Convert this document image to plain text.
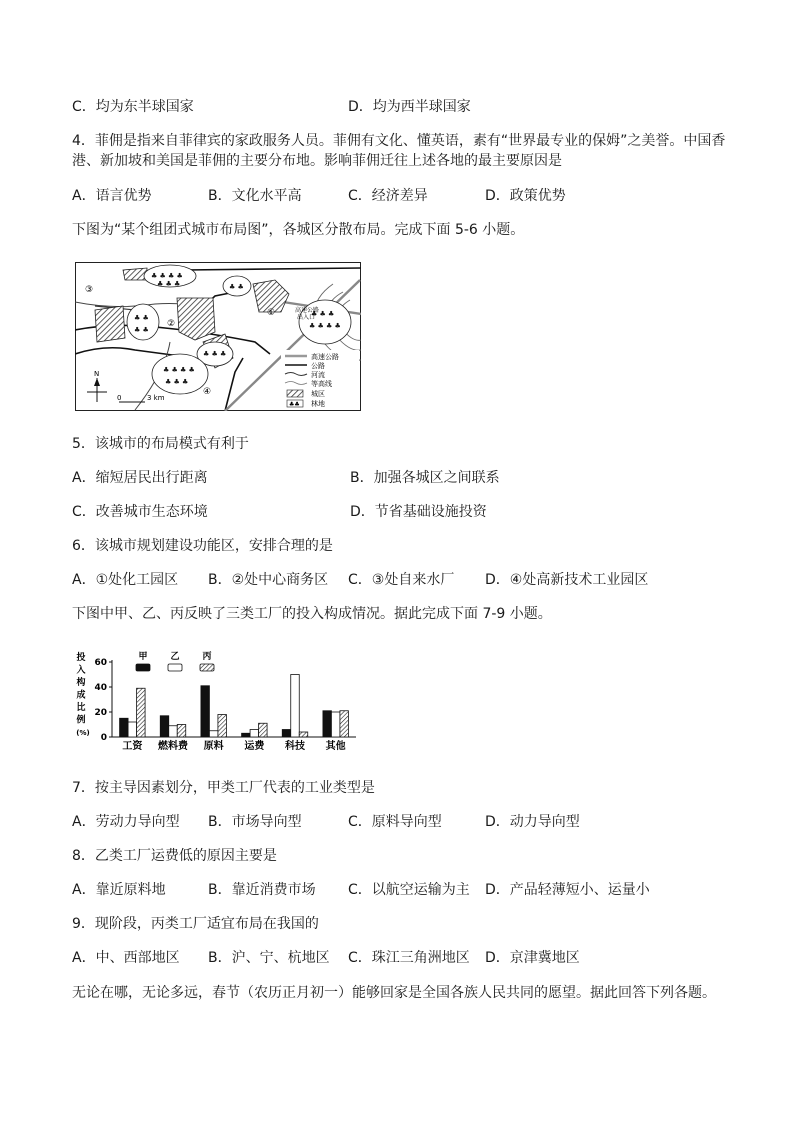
C．均为东半球国家	D．均为西半球国家
4．菲佣是指来自菲律宾的家政服务人员。菲佣有文化、懂英语，素有“世界最专业的保姆”之美誉。中国香
港、新加坡和美国是菲佣的主要分布地。影响菲佣迁往上述各地的最主要原因是
A．语言优势	B．文化水平高	C．经济差异	D．政策优势
下图为“某个组团式城市布局图”，各城区分散布局。完成下面 5-6 小题。
♣ ♣ ♣ ♣
♣ ♣ ♣	♣ ♣
♣ ♣
♣ ♣
♣ ♣ ♣
♣ ♣ ♣ ♣
♣ ♣ ♣
♣ ♣ ♣ ♣
♣ ♣ ♣
③
②
①
④
高速公路
出入口
N
0	3 km
高速公路
公路
河流
等高线
城区
♣♣ 林地
5．该城市的布局模式有利于
A．缩短居民出行距离	B．加强各城区之间联系
C．改善城市生态环境	D．节省基础设施投资
6．该城市规划建设功能区，安排合理的是
A．①处化工园区 B．②处中心商务区 C．③处自来水厂 D．④处高新技术工业园区
下图中甲、乙、丙反映了三类工厂的投入构成情况。据此完成下面 7-9 小题。
投入构成比例(%) 0
20
40
60
工资 燃料费 原料 运费 科技 其他
甲	乙	丙
7．按主导因素划分，甲类工厂代表的工业类型是
A．劳动力导向型 B．市场导向型	C．原料导向型	D．动力导向型
8．乙类工厂运费低的原因主要是
A．靠近原料地	B．靠近消费市场 C．以航空运输为主 D．产品轻薄短小、运量小
9．现阶段，丙类工厂适宜布局在我国的
A．中、西部地区 B．沪、宁、杭地区 C．珠江三角洲地区 D．京津冀地区
无论在哪，无论多远，春节（农历正月初一）能够回家是全国各族人民共同的愿望。据此回答下列各题。
